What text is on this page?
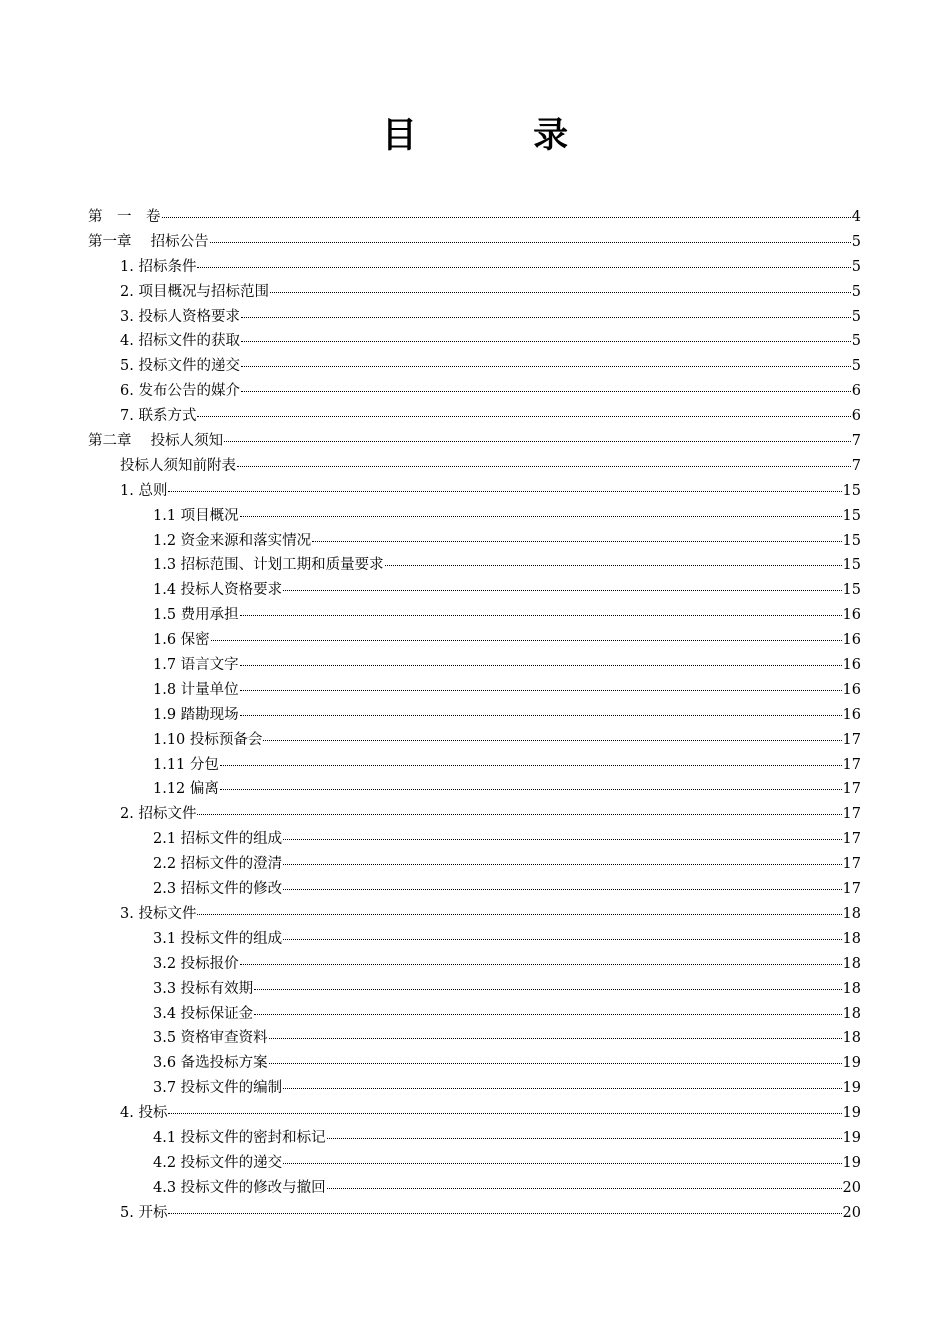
目 录
第　一　卷	4
第一章　 招标公告	5
1. 招标条件	5
2. 项目概况与招标范围	5
3. 投标人资格要求	5
4. 招标文件的获取	5
5. 投标文件的递交	5
6. 发布公告的媒介	6
7. 联系方式	6
第二章　 投标人须知	7
投标人须知前附表	7
1. 总则	15
1.1 项目概况	15
1.2 资金来源和落实情况	15
1.3 招标范围、计划工期和质量要求	15
1.4 投标人资格要求	15
1.5 费用承担	16
1.6 保密	16
1.7 语言文字	16
1.8 计量单位	16
1.9 踏勘现场	16
1.10 投标预备会	17
1.11 分包	17
1.12 偏离	17
2. 招标文件	17
2.1 招标文件的组成	17
2.2 招标文件的澄清	17
2.3 招标文件的修改	17
3. 投标文件	18
3.1 投标文件的组成	18
3.2 投标报价	18
3.3 投标有效期	18
3.4 投标保证金	18
3.5 资格审查资料	18
3.6 备选投标方案	19
3.7 投标文件的编制	19
4. 投标	19
4.1 投标文件的密封和标记	19
4.2 投标文件的递交	19
4.3 投标文件的修改与撤回	20
5. 开标	20
